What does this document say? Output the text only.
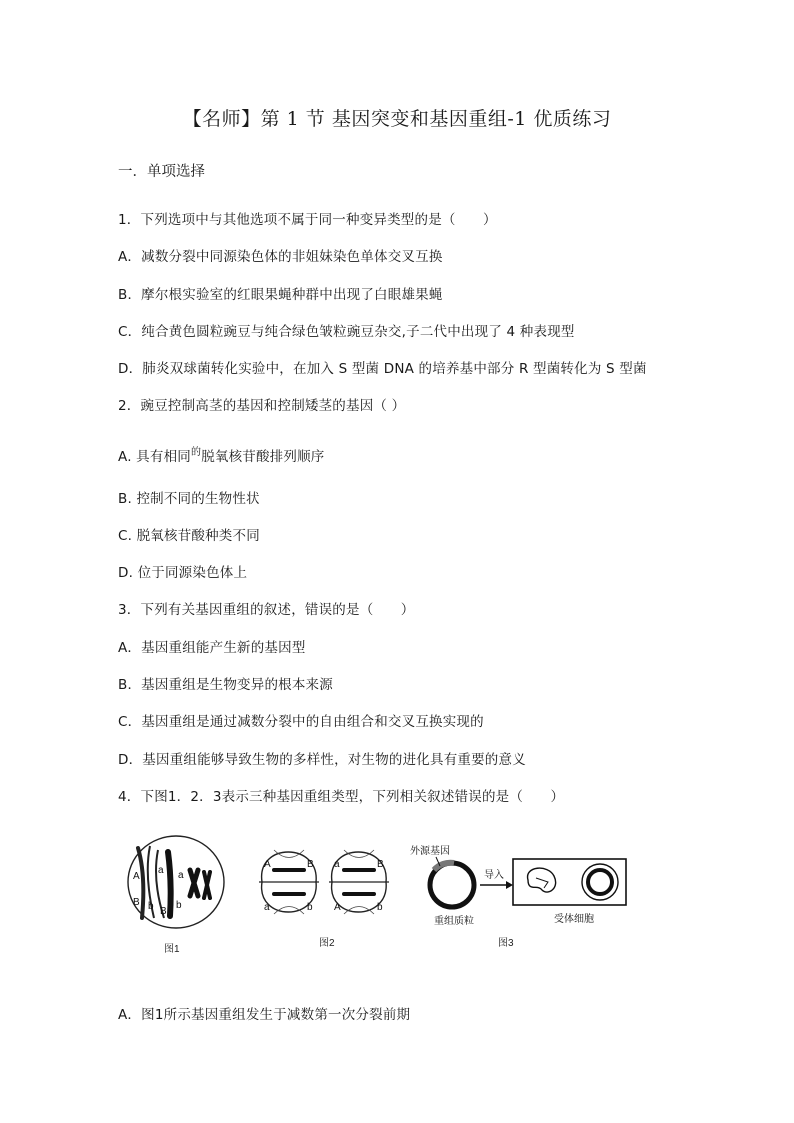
【名师】第 1 节 基因突变和基因重组-1 优质练习
一．单项选择
1．下列选项中与其他选项不属于同一种变异类型的是（　　）
A．减数分裂中同源染色体的非姐妹染色单体交叉互换
B．摩尔根实验室的红眼果蝇种群中出现了白眼雄果蝇
C．纯合黄色圆粒豌豆与纯合绿色皱粒豌豆杂交,子二代中出现了 4 种表现型
D．肺炎双球菌转化实验中，在加入 S 型菌 DNA 的培养基中部分 R 型菌转化为 S 型菌
2．豌豆控制高茎的基因和控制矮茎的基因（ ）
A. 具有相同$^的$脱氧核苷酸排列顺序
B. 控制不同的生物性状
C. 脱氧核苷酸种类不同
D. 位于同源染色体上
3．下列有关基因重组的叙述，错误的是（　　）
A．基因重组能产生新的基因型
B．基因重组是生物变异的根本来源
C．基因重组是通过减数分裂中的自由组合和交叉互换实现的
D．基因重组能够导致生物的多样性，对生物的进化具有重要的意义
4．下图1．2．3表示三种基因重组类型，下列相关叙述错误的是（　　）
A
a a
B b B
b
图1
A	B
a	b
a	B
A	b
图2
外源基因
重组质粒
导入
受体细胞
图3
A．图1所示基因重组发生于减数第一次分裂前期
